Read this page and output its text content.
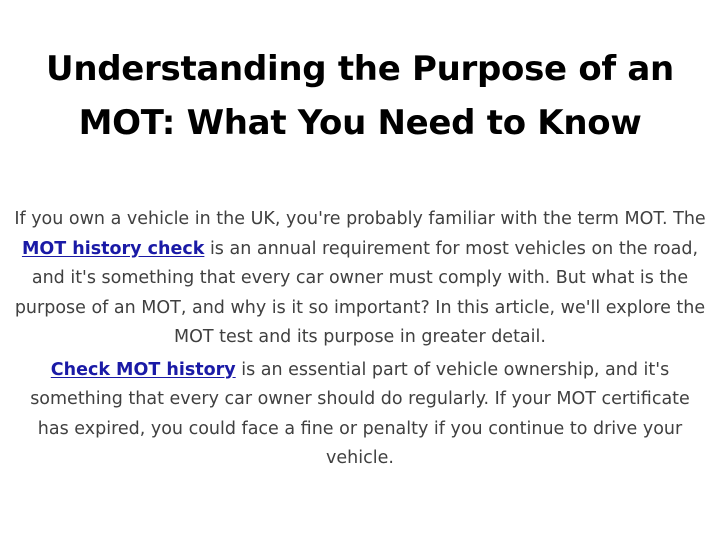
Understanding the Purpose of an MOT: What You Need to Know

If you own a vehicle in the UK, you're probably familiar with the term MOT. The MOT history check is an annual requirement for most vehicles on the road, and it's something that every car owner must comply with. But what is the purpose of an MOT, and why is it so important? In this article, we'll explore the MOT test and its purpose in greater detail.

Check MOT history is an essential part of vehicle ownership, and it's something that every car owner should do regularly. If your MOT certificate has expired, you could face a fine or penalty if you continue to drive your vehicle.
